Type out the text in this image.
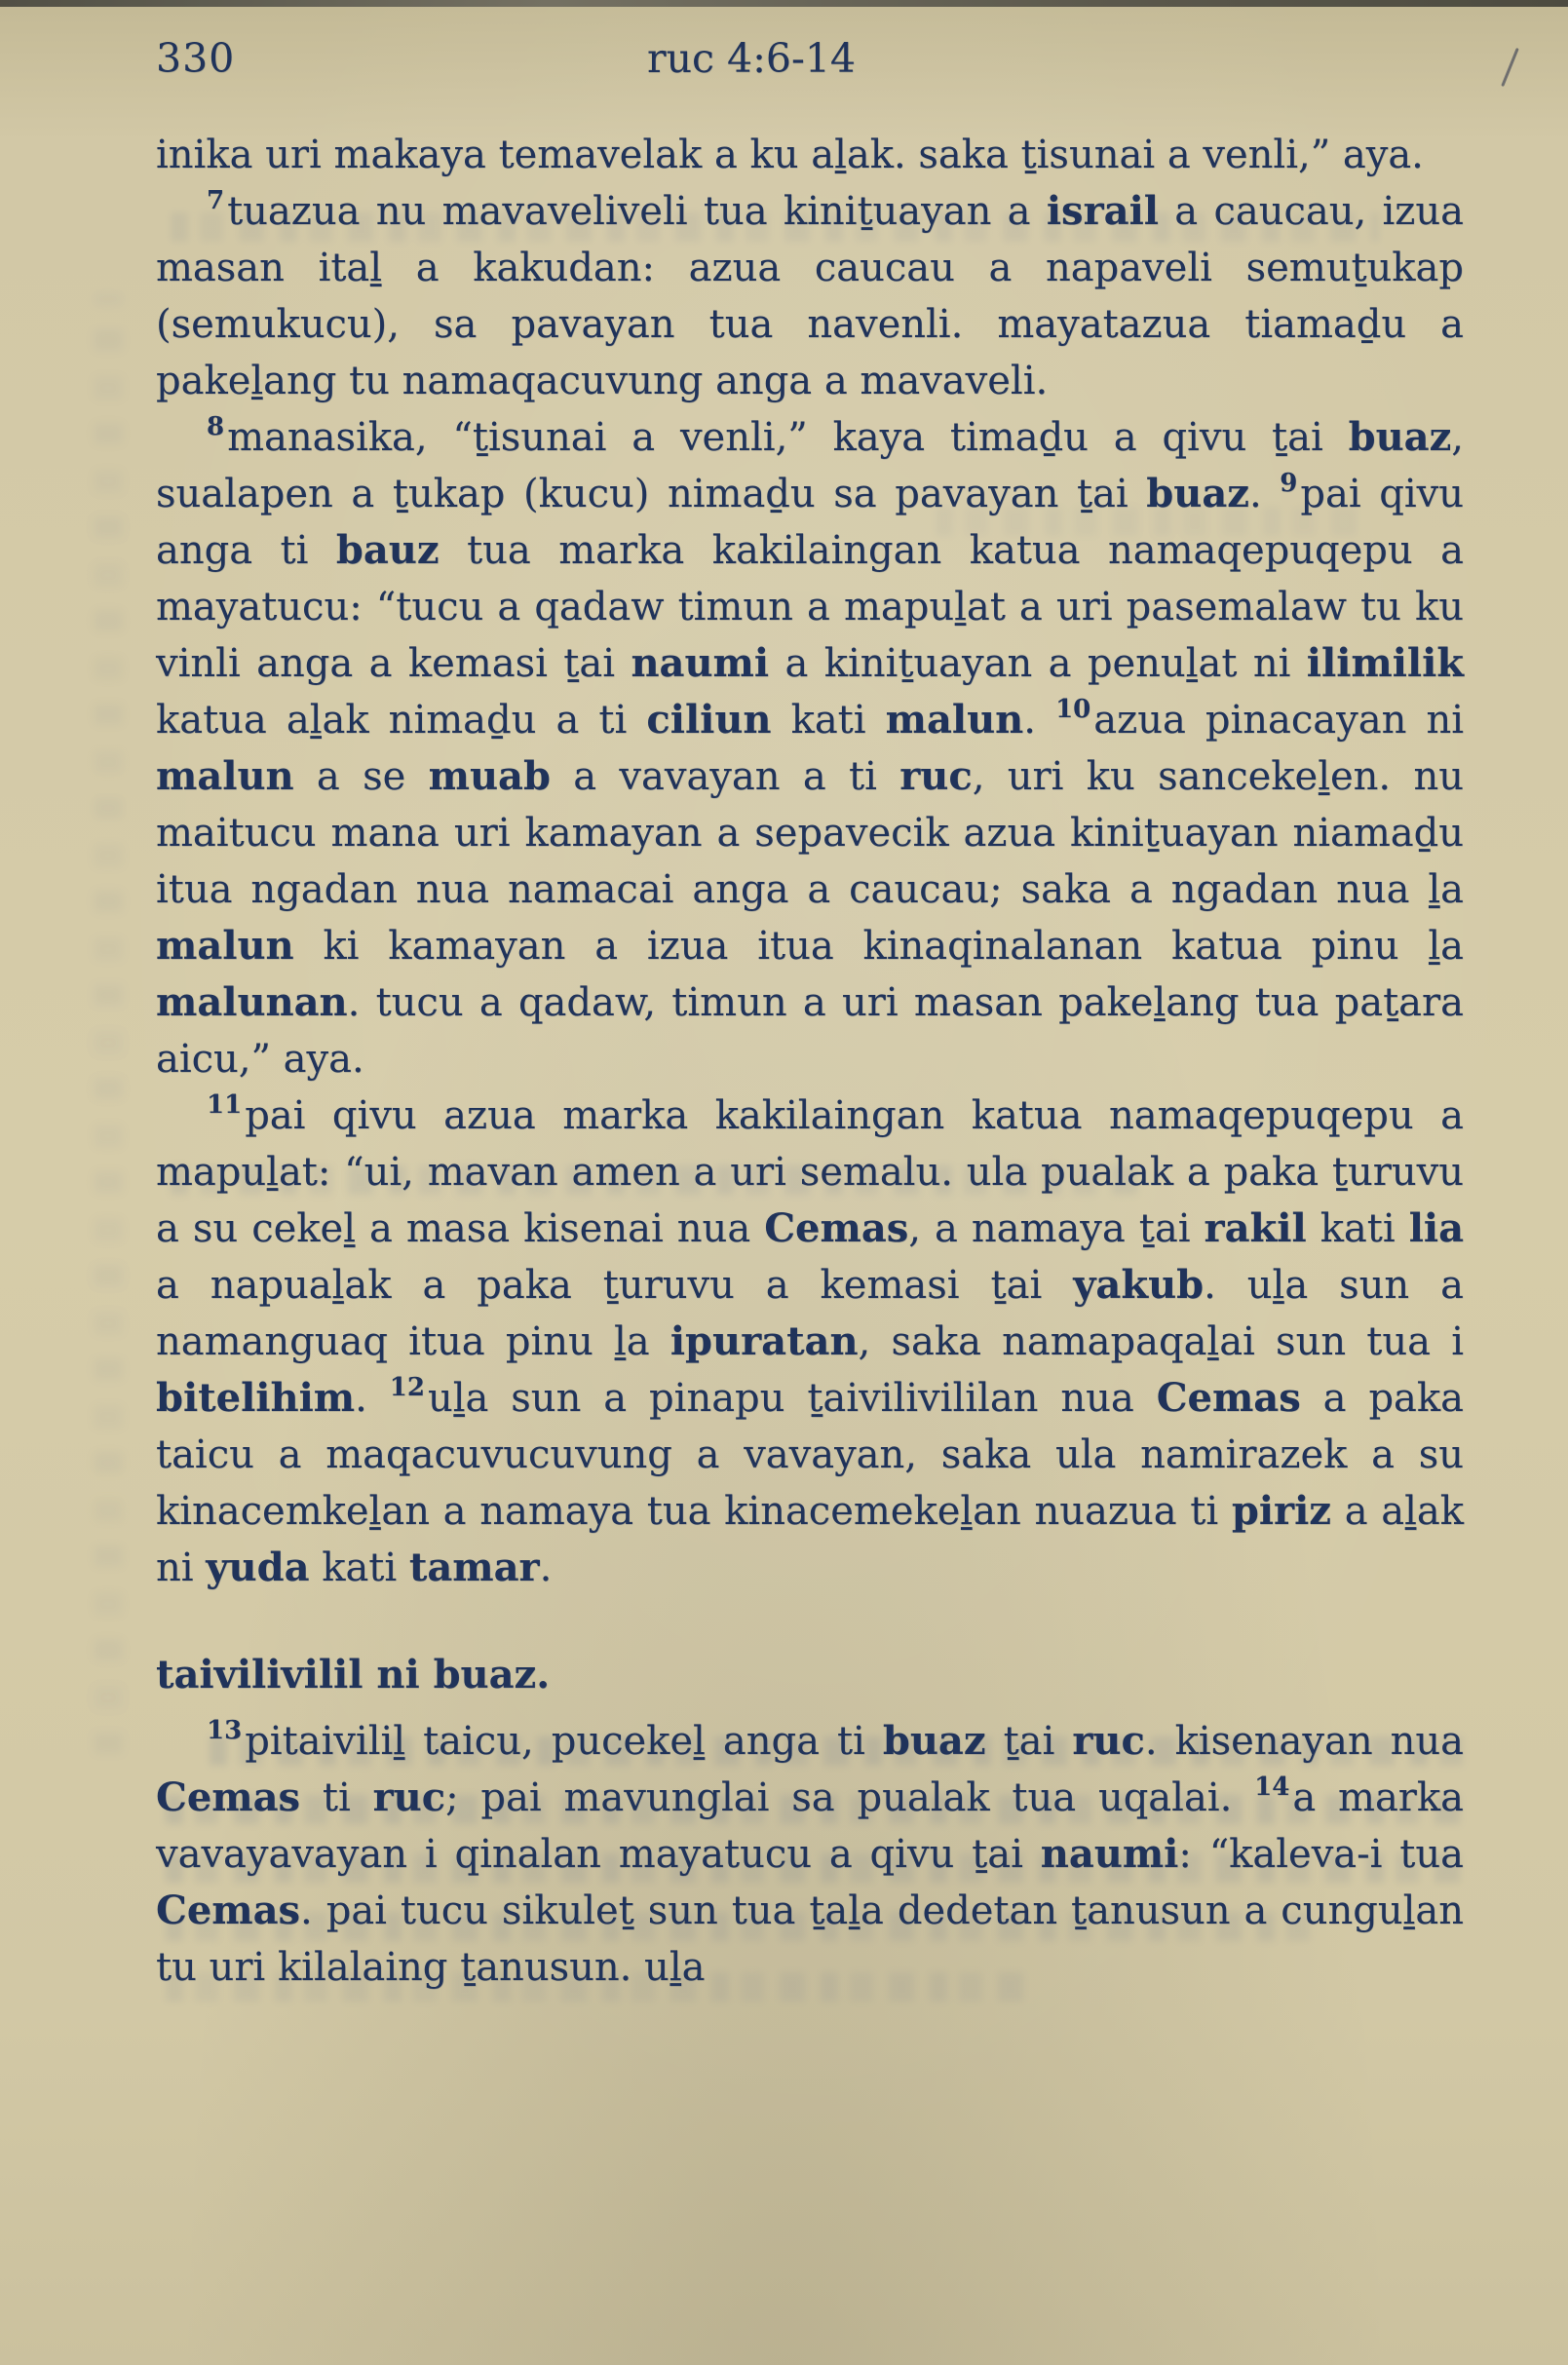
330	ruc 4:6-14

inika uri makaya temavelak a ku aḻak. saka ṯisunai a venli,” aya.

$^7$tuazua nu mavaveliveli tua kiniṯuayan a israil a caucau, izua masan itaḻ a kakudan: azua caucau a napaveli semuṯukap (semukucu), sa pavayan tua navenli. mayatazua tiamaḏu a pakeḻang tu namaqacuvung anga a mavaveli.

$^8$manasika, “ṯisunai a venli,” kaya timaḏu a qivu ṯai buaz, sualapen a ṯukap (kucu) nimaḏu sa pavayan ṯai buaz. $^9$pai qivu anga ti bauz tua marka kakilaingan katua namaqepuqepu a mayatucu: “tucu a qadaw timun a mapuḻat a uri pasemalaw tu ku vinli anga a kemasi ṯai naumi a kiniṯuayan a penuḻat ni ilimilik katua aḻak nimaḏu a ti ciliun kati malun. $^{10}$azua pinacayan ni malun a se muab a vavayan a ti ruc, uri ku sancekeḻen. nu maitucu mana uri kamayan a sepavecik azua kiniṯuayan niamaḏu itua ngadan nua namacai anga a caucau; saka a ngadan nua ḻa malun ki kamayan a izua itua kinaqinalanan katua pinu ḻa malunan. tucu a qadaw, timun a uri masan pakeḻang tua paṯara aicu,” aya.

$^{11}$pai qivu azua marka kakilaingan katua namaqepuqepu a mapuḻat: “ui, mavan amen a uri semalu. ula pualak a paka ṯuruvu a su cekeḻ a masa kisenai nua Cemas, a namaya ṯai rakil kati lia a napuaḻak a paka ṯuruvu a kemasi ṯai yakub. uḻa sun a namanguaq itua pinu ḻa ipuratan, saka namapaqaḻai sun tua i bitelihim. $^{12}$uḻa sun a pinapu ṯaivilivililan nua Cemas a paka taicu a maqacuvucuvung a vavayan, saka ula namirazek a su kinacemkeḻan a namaya tua kinacemekeḻan nuazua ti piriz a aḻak ni yuda kati tamar.

taivilivilil ni buaz.

$^{13}$pitaiviliḻ taicu, pucekeḻ anga ti buaz ṯai ruc. kisenayan nua Cemas ti ruc; pai mavunglai sa pualak tua uqalai. $^{14}$a marka vavayavayan i qinalan mayatucu a qivu ṯai naumi: “kaleva-i tua Cemas. pai tucu sikuleṯ sun tua ṯaḻa dedetan ṯanusun a cunguḻan tu uri kilalaing ṯanusun. uḻa
